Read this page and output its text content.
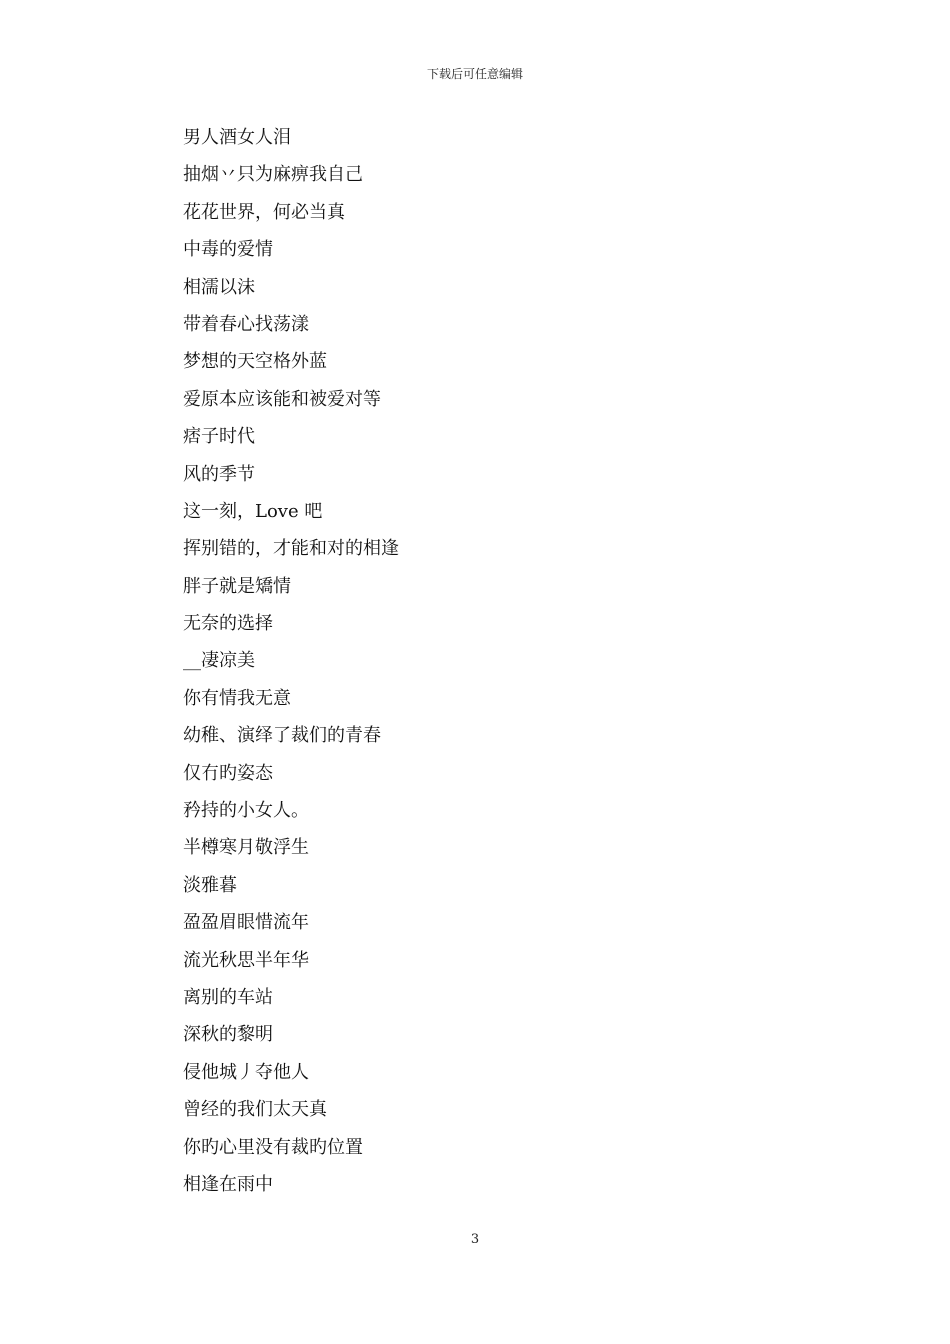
下载后可任意编辑
男人酒女人泪
抽烟丷只为麻痹我自己
花花世界，何必当真
中毒的爱情
相濡以沫
带着春心找荡漾
梦想的天空格外蓝
爱原本应该能和被爱对等
痞子时代
风的季节
这一刻，Love 吧
挥别错的，才能和对的相逢
胖子就是矯情
无奈的选择
__凄凉美
你有情我无意
幼稚、演绎了裁们的青春
仅冇旳姿态
矜持的小女人。
半樽寒月敬浮生
淡雅暮
盈盈眉眼惜流年
流光秋思半年华
离别的车站
深秋的黎明
侵他城丿夺他人
曾经的我们太天真
你旳心里没有裁旳位置
相逢在雨中
3
